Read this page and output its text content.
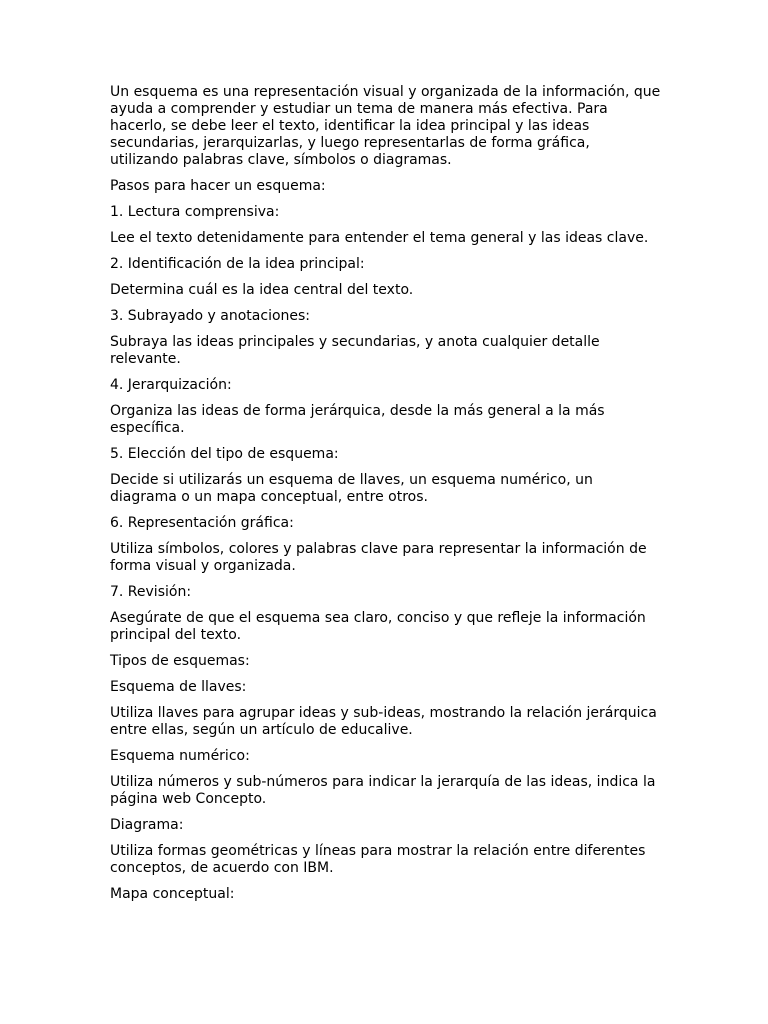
Un esquema es una representación visual y organizada de la información, que ayuda a comprender y estudiar un tema de manera más efectiva. Para hacerlo, se debe leer el texto, identificar la idea principal y las ideas secundarias, jerarquizarlas, y luego representarlas de forma gráfica, utilizando palabras clave, símbolos o diagramas.

Pasos para hacer un esquema:

1. Lectura comprensiva:

Lee el texto detenidamente para entender el tema general y las ideas clave.

2. Identificación de la idea principal:

Determina cuál es la idea central del texto.

3. Subrayado y anotaciones:

Subraya las ideas principales y secundarias, y anota cualquier detalle relevante.

4. Jerarquización:

Organiza las ideas de forma jerárquica, desde la más general a la más específica.

5. Elección del tipo de esquema:

Decide si utilizarás un esquema de llaves, un esquema numérico, un diagrama o un mapa conceptual, entre otros.

6. Representación gráfica:

Utiliza símbolos, colores y palabras clave para representar la información de forma visual y organizada.

7. Revisión:

Asegúrate de que el esquema sea claro, conciso y que refleje la información principal del texto.

Tipos de esquemas:

Esquema de llaves:

Utiliza llaves para agrupar ideas y sub-ideas, mostrando la relación jerárquica entre ellas, según un artículo de educalive.

Esquema numérico:

Utiliza números y sub-números para indicar la jerarquía de las ideas, indica la página web Concepto.

Diagrama:

Utiliza formas geométricas y líneas para mostrar la relación entre diferentes conceptos, de acuerdo con IBM.

Mapa conceptual:
